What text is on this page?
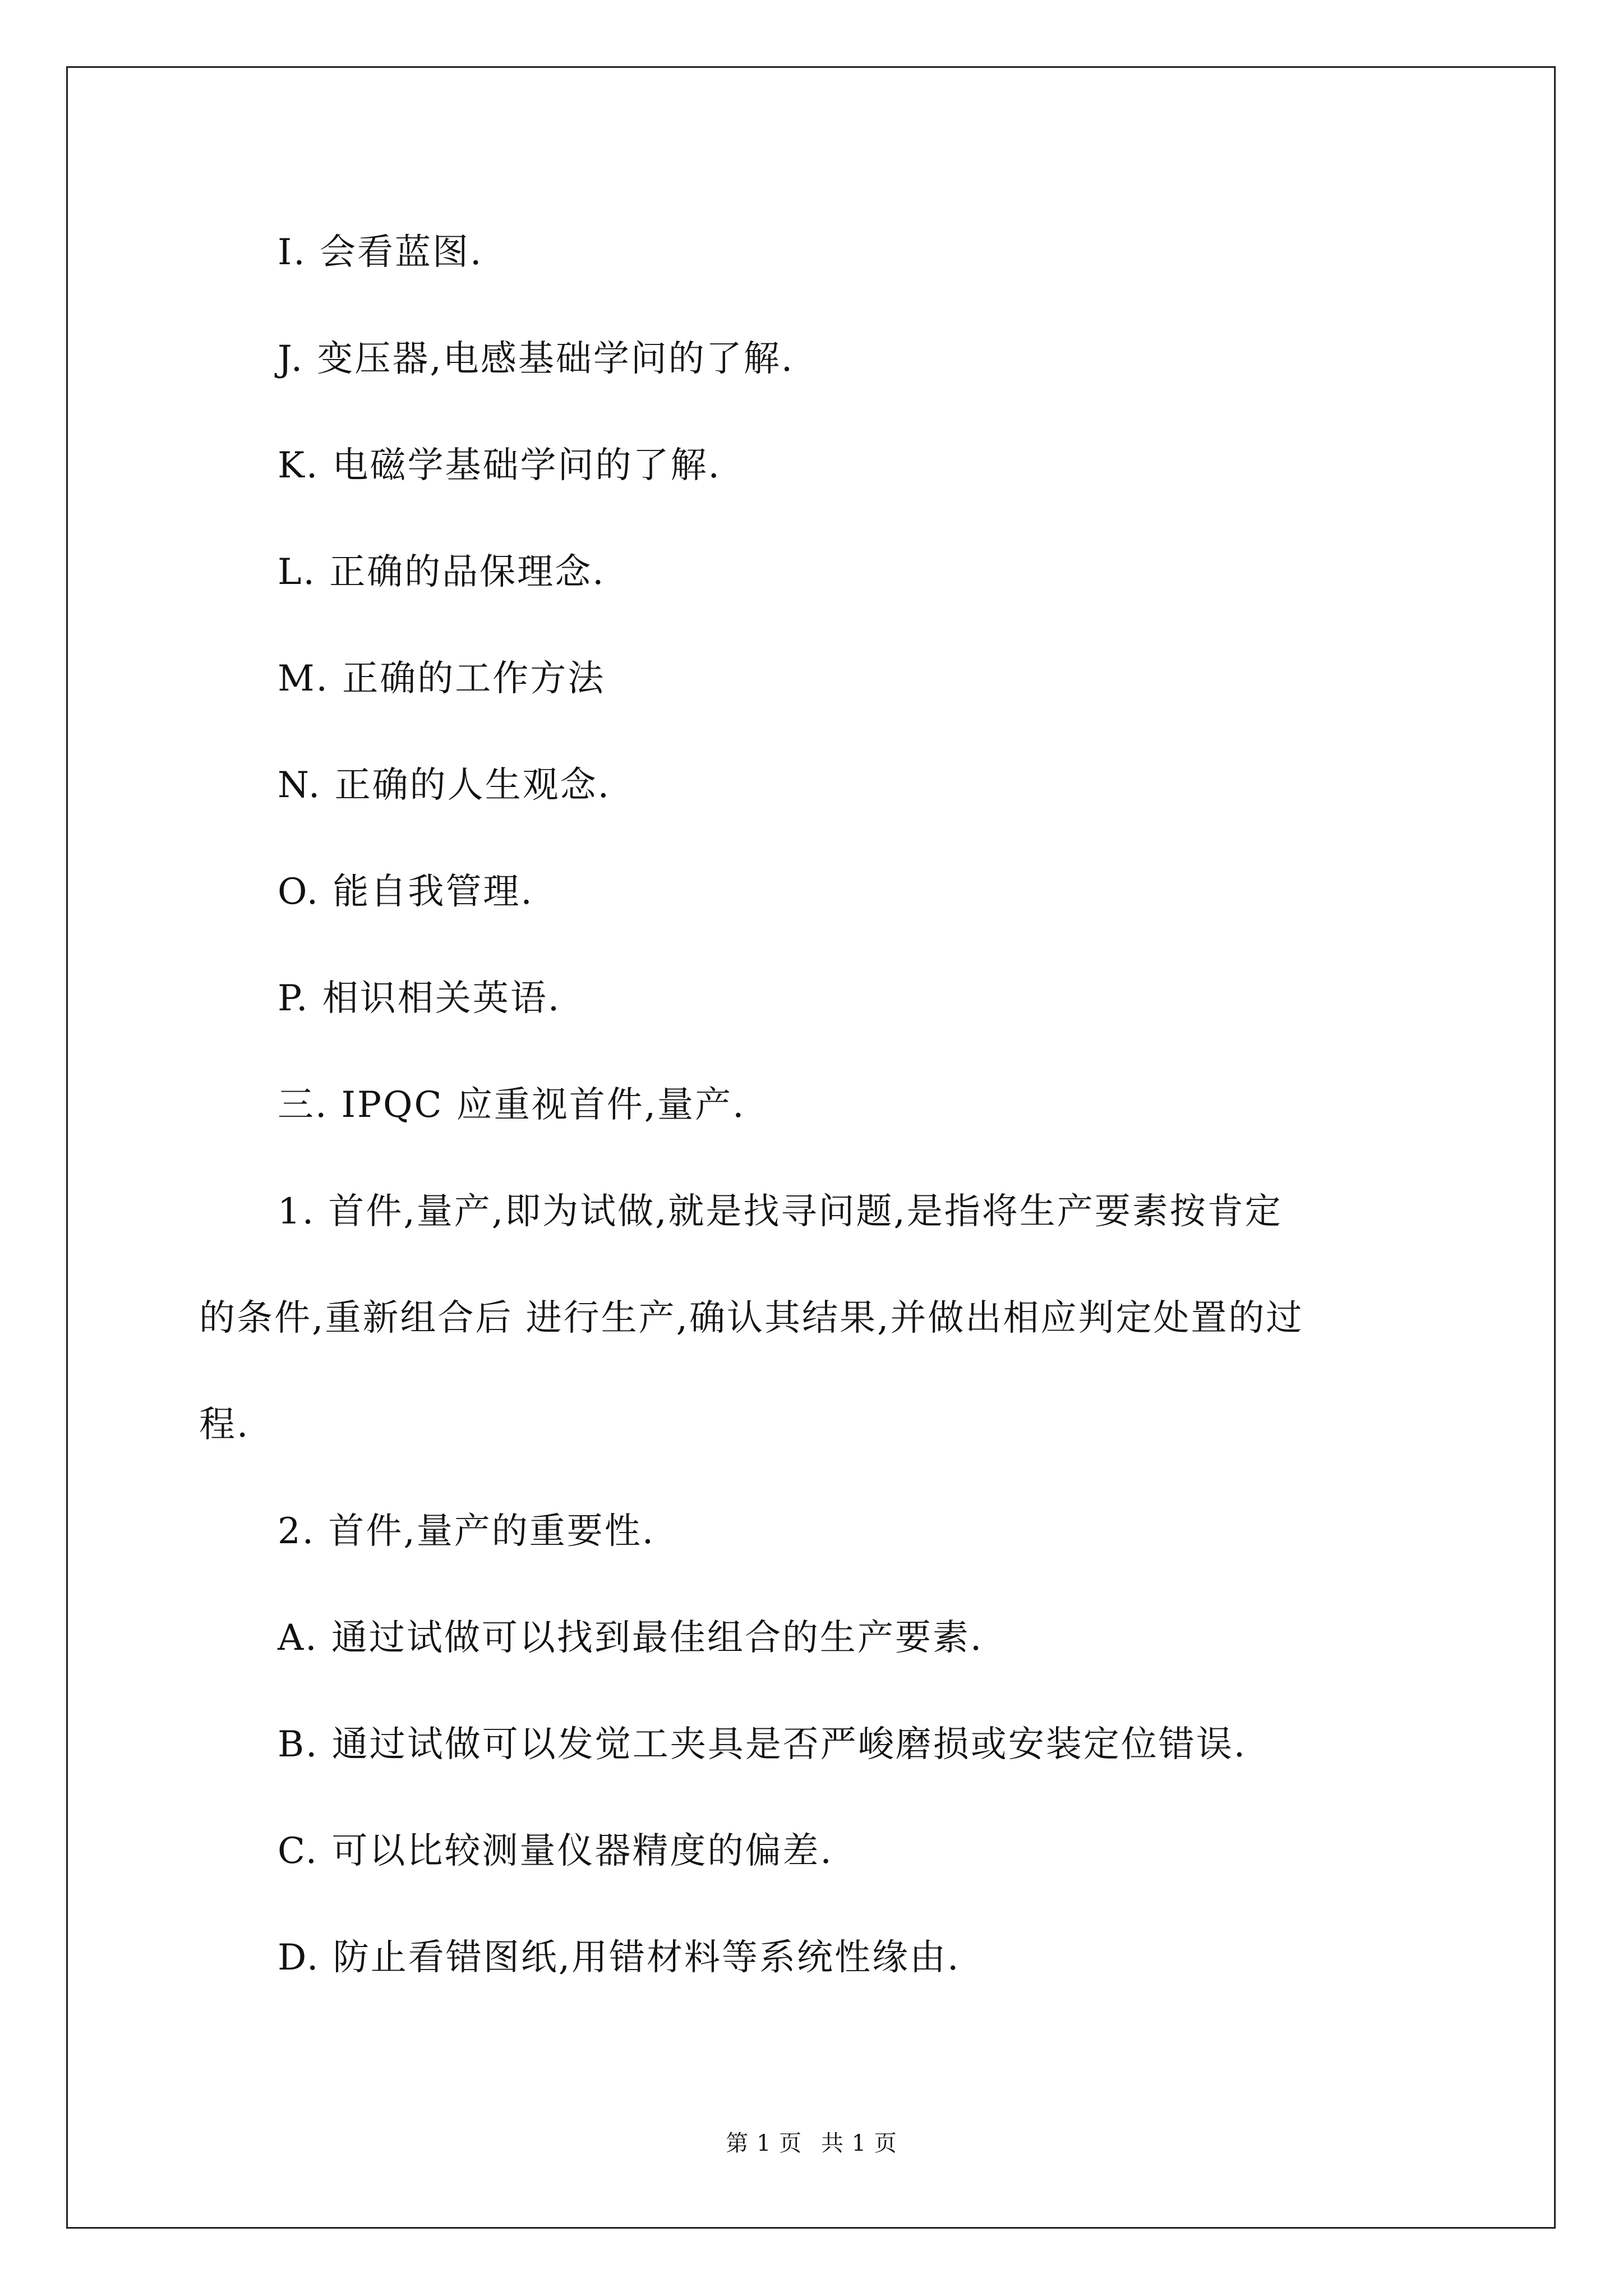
I. 会看蓝图.
J. 变压器,电感基础学问的了解.
K. 电磁学基础学问的了解.
L. 正确的品保理念.
M. 正确的工作方法
N. 正确的人生观念.
O. 能自我管理.
P. 相识相关英语.
三. IPQC 应重视首件,量产.
1. 首件,量产,即为试做,就是找寻问题,是指将生产要素按肯定
的条件,重新组合后 进行生产,确认其结果,并做出相应判定处置的过
程.
2. 首件,量产的重要性.
A. 通过试做可以找到最佳组合的生产要素.
B. 通过试做可以发觉工夹具是否严峻磨损或安装定位错误.
C. 可以比较测量仪器精度的偏差.
D. 防止看错图纸,用错材料等系统性缘由.
第 1 页 共 1 页
